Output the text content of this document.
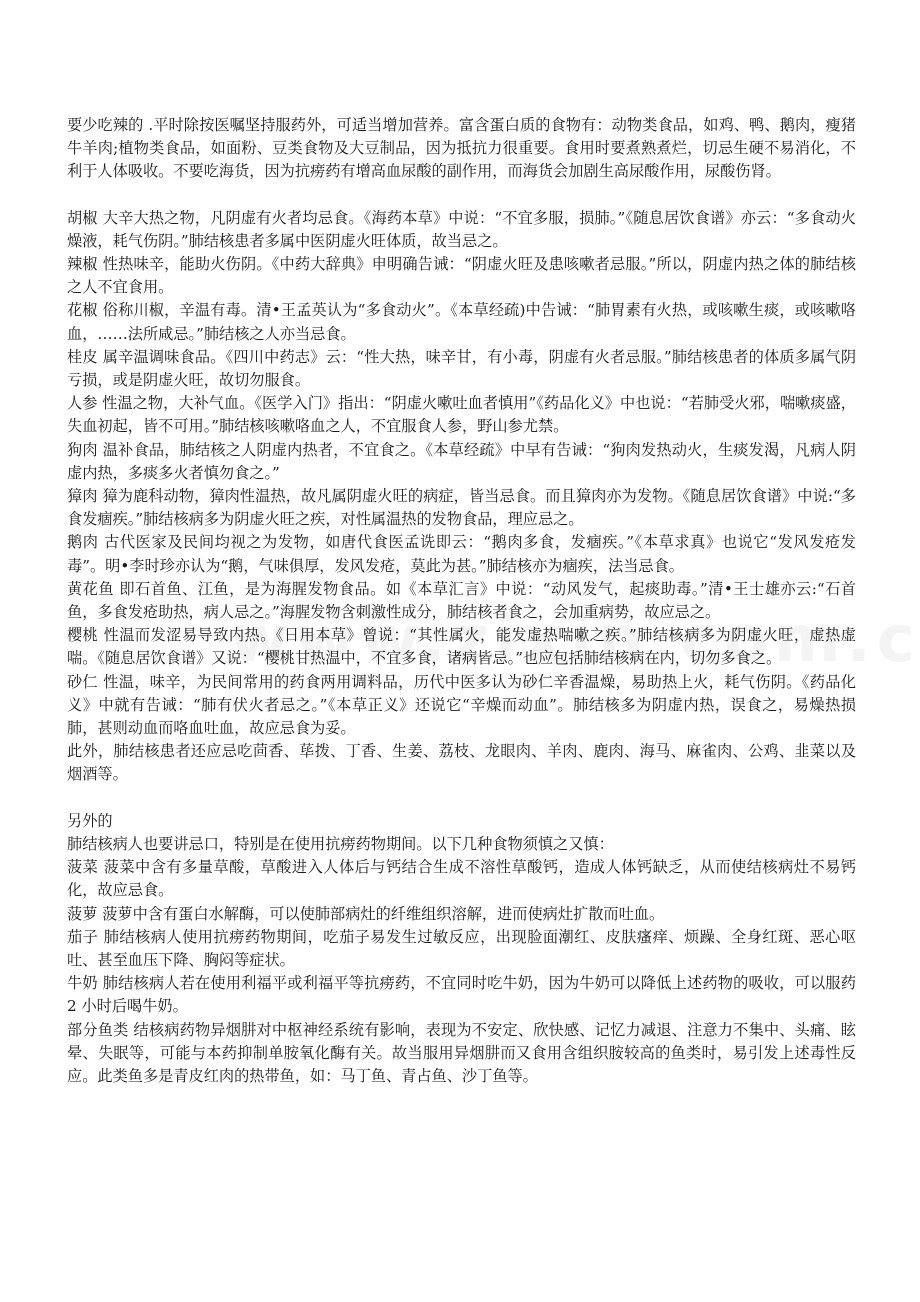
要少吃辣的 .平时除按医嘱坚持服药外，可适当增加营养。富含蛋白质的食物有：动物类食品，如鸡、鸭、鹅肉，瘦猪牛羊肉;植物类食品，如面粉、豆类食物及大豆制品，因为抵抗力很重要。食用时要煮熟煮烂，切忌生硬不易消化，不利于人体吸收。不要吃海货，因为抗痨药有增高血尿酸的副作用，而海货会加剧生高尿酸作用，尿酸伤肾。

胡椒 大辛大热之物，凡阴虚有火者均忌食。《海药本草》中说：“不宜多服，损肺。”《随息居饮食谱》亦云：“多食动火燥液，耗气伤阴。”肺结核患者多属中医阴虚火旺体质，故当忌之。

辣椒 性热味辛，能助火伤阴。《中药大辞典》申明确告诫：“阴虚火旺及患咳嗽者忌服。”所以，阴虚内热之体的肺结核之人不宜食用。

花椒 俗称川椒，辛温有毒。清•王孟英认为“多食动火”。《本草经疏)中告诫：“肺胃素有火热，或咳嗽生痰，或咳嗽咯血，……法所咸忌。”肺结核之人亦当忌食。

桂皮 属辛温调味食品。《四川中药志》云：“性大热，味辛甘，有小毒，阴虚有火者忌服。”肺结核患者的体质多属气阴亏损，或是阴虚火旺，故切勿服食。

人参 性温之物，大补气血。《医学入门》指出：“阴虚火嗽吐血者慎用”《药品化义》中也说：“若肺受火邪，喘嗽痰盛，失血初起，皆不可用。”肺结核咳嗽咯血之人，不宜服食人参，野山参尤禁。

狗肉 温补食品，肺结核之人阴虚内热者，不宜食之。《本草经疏》中早有告诫：“狗肉发热动火，生痰发渴，凡病人阴虚内热，多痰多火者慎勿食之。”

獐肉 獐为鹿科动物，獐肉性温热，故凡属阴虚火旺的病症，皆当忌食。而且獐肉亦为发物。《随息居饮食谱》中说:“多食发痼疾。”肺结核病多为阴虚火旺之疾，对性属温热的发物食品，理应忌之。

鹅肉 古代医家及民间均视之为发物，如唐代食医孟诜即云：“鹅肉多食，发痼疾。”《本草求真》也说它“发风发疮发毒”。明•李时珍亦认为“鹅，气味俱厚，发风发疮，莫此为甚。”肺结核亦为痼疾，法当忌食。

黄花鱼 即石首鱼、江鱼，是为海腥发物食品。如《本草汇言》中说：“动风发气，起痰助毒。”清•王士雄亦云:“石首鱼，多食发疮助热，病人忌之。”海腥发物含刺激性成分，肺结核者食之，会加重病势，故应忌之。

樱桃 性温而发涩易导致内热。《日用本草》曾说：“其性属火，能发虚热喘嗽之疾。”肺结核病多为阴虚火旺，虚热虚喘。《随息居饮食谱》又说：“樱桃甘热温中，不宜多食，诸病皆忌。”也应包括肺结核病在内，切勿多食之。

砂仁 性温，味辛，为民间常用的药食两用调料品，历代中医多认为砂仁辛香温燥，易助热上火，耗气伤阴。《药品化义》中就有告诫：“肺有伏火者忌之。”《本草正义》还说它“辛燥而动血”。肺结核多为阴虚内热，误食之，易燥热损肺，甚则动血而咯血吐血，故应忌食为妥。

此外，肺结核患者还应忌吃茴香、荜拨、丁香、生姜、荔枝、龙眼肉、羊肉、鹿肉、海马、麻雀肉、公鸡、韭菜以及烟酒等。

另外的

肺结核病人也要讲忌口，特别是在使用抗痨药物期间。以下几种食物须慎之又慎：

菠菜 菠菜中含有多量草酸，草酸进入人体后与钙结合生成不溶性草酸钙，造成人体钙缺乏，从而使结核病灶不易钙化，故应忌食。

菠萝 菠萝中含有蛋白水解酶，可以使肺部病灶的纤维组织溶解，进而使病灶扩散而吐血。

茄子 肺结核病人使用抗痨药物期间，吃茄子易发生过敏反应，出现脸面潮红、皮肤瘙痒、烦躁、全身红斑、恶心呕吐、甚至血压下降、胸闷等症状。

牛奶 肺结核病人若在使用利福平或利福平等抗痨药，不宜同时吃牛奶，因为牛奶可以降低上述药物的吸收，可以服药 2 小时后喝牛奶。

部分鱼类 结核病药物异烟肼对中枢神经系统有影响，表现为不安定、欣快感、记忆力减退、注意力不集中、头痛、眩晕、失眠等，可能与本药抑制单胺氧化酶有关。故当服用异烟肼而又食用含组织胺较高的鱼类时，易引发上述毒性反应。此类鱼多是青皮红肉的热带鱼，如：马丁鱼、青占鱼、沙丁鱼等。
